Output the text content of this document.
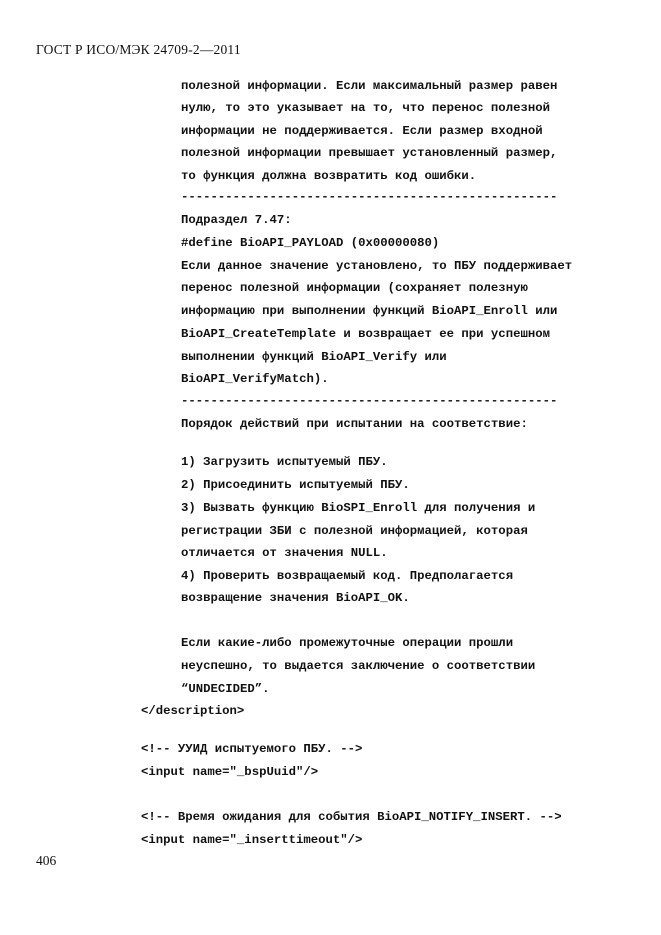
ГОСТ Р ИСО/МЭК 24709-2—2011
полезной информации. Если максимальный размер равен
нулю, то это указывает на то, что перенос полезной
информации не поддерживается. Если размер входной
полезной информации превышает установленный размер,
то функция должна возвратить код ошибки.
---------------------------------------------------
Подраздел 7.47:
#define BioAPI_PAYLOAD (0x00000080)
Если данное значение установлено, то ПБУ поддерживает
перенос полезной информации (сохраняет полезную
информацию при выполнении функций BioAPI_Enroll или
BioAPI_CreateTemplate и возвращает ее при успешном
выполнении функций BioAPI_Verify или
BioAPI_VerifyMatch).
---------------------------------------------------
Порядок действий при испытании на соответствие:
1) Загрузить испытуемый ПБУ.
2) Присоединить испытуемый ПБУ.
3) Вызвать функцию BioSPI_Enroll для получения и
регистрации ЗБИ с полезной информацией, которая
отличается от значения NULL.
4) Проверить возвращаемый код. Предполагается
возвращение значения BioAPI_OK.
Если какие-либо промежуточные операции прошли
неуспешно, то выдается заключение о соответствии
“UNDECIDED”.
</description>
<!-- УУИД испытуемого ПБУ. -->
<input name="_bspUuid"/>
<!-- Время ожидания для события BioAPI_NOTIFY_INSERT. -->
<input name="_inserttimeout"/>
406
